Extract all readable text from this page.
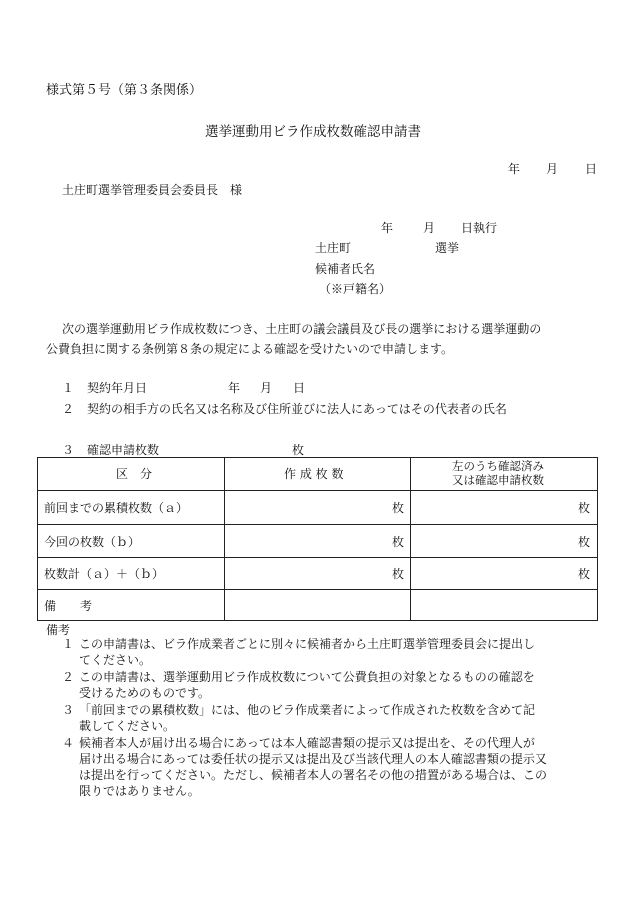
様式第５号（第３条関係）
選挙運動用ビラ作成枚数確認申請書
年 月 日
土庄町選挙管理委員会委員長　様
年 月 日執行
土庄町	選挙
候補者氏名
（※戸籍名）
次の選挙運動用ビラ作成枚数につき、土庄町の議会議員及び長の選挙における選挙運動の
公費負担に関する条例第８条の規定による確認を受けたいので申請します。
１ 契約年月日	年 月 日
２ 契約の相手方の氏名又は名称及び住所並びに法人にあってはその代表者の氏名
３ 確認申請枚数	枚
区　分	作 成 枚 数
左のうち確認済み
又は確認申請枚数
前回までの累積枚数（ａ）	枚	枚
今回の枚数（ｂ）	枚	枚
枚数計（ａ）＋（ｂ）	枚	枚
備　　考
備考
１ この申請書は、ビラ作成業者ごとに別々に候補者から土庄町選挙管理委員会に提出し
てください。
２ この申請書は、選挙運動用ビラ作成枚数について公費負担の対象となるものの確認を
受けるためのものです。
３ 「前回までの累積枚数」には、他のビラ作成業者によって作成された枚数を含めて記
載してください。
４ 候補者本人が届け出る場合にあっては本人確認書類の提示又は提出を、その代理人が
届け出る場合にあっては委任状の提示又は提出及び当該代理人の本人確認書類の提示又
は提出を行ってください。ただし、候補者本人の署名その他の措置がある場合は、この
限りではありません。
